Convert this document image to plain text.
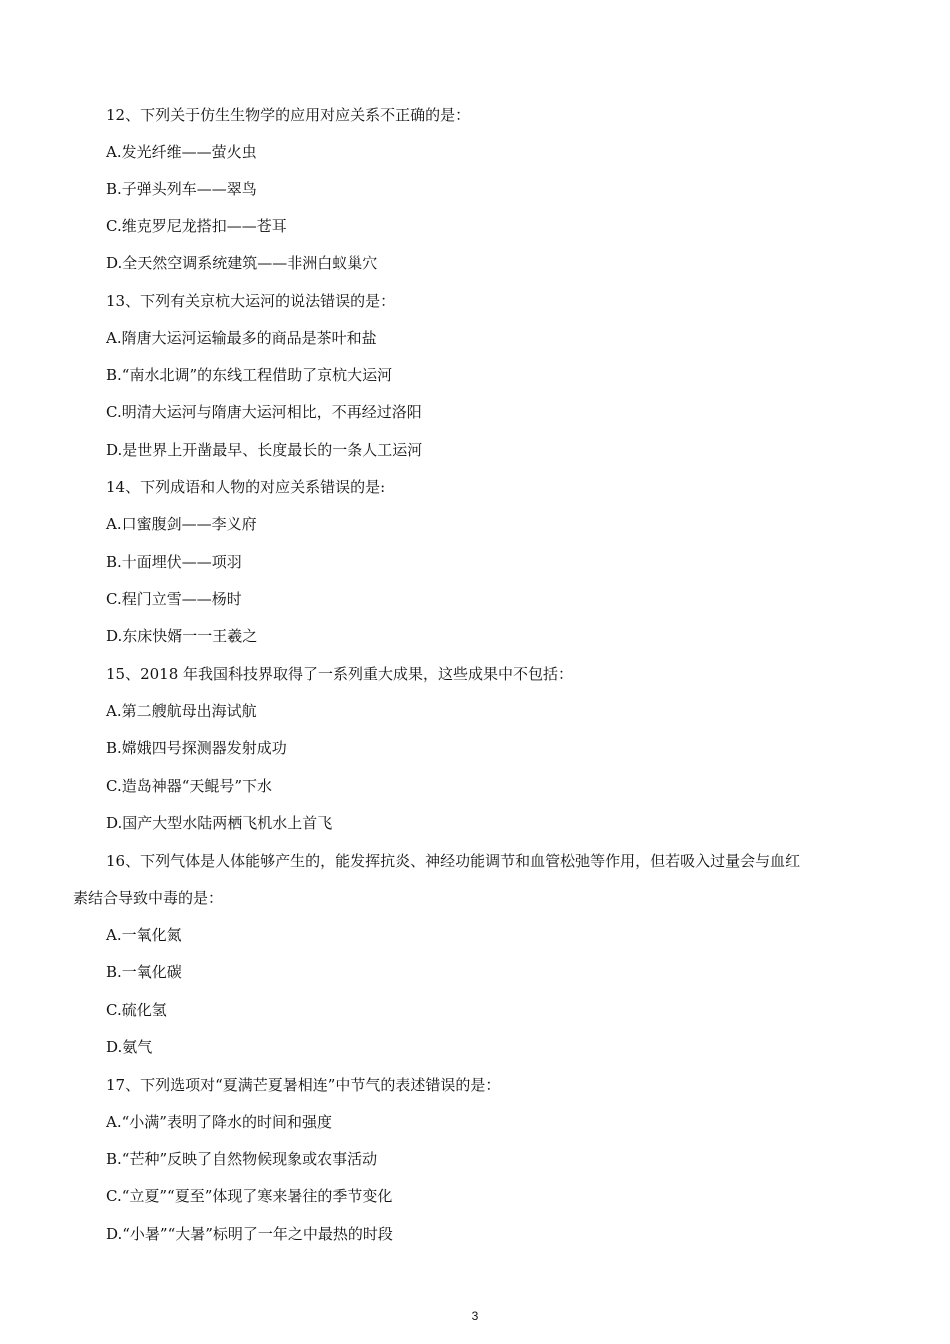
12、下列关于仿生生物学的应用对应关系不正确的是：
A.发光纤维——萤火虫
B.子弹头列车——翠鸟
C.维克罗尼龙搭扣——苍耳
D.全天然空调系统建筑——非洲白蚁巢穴
13、下列有关京杭大运河的说法错误的是：
A.隋唐大运河运输最多的商品是茶叶和盐
B.“南水北调”的东线工程借助了京杭大运河
C.明清大运河与隋唐大运河相比，不再经过洛阳
D.是世界上开凿最早、长度最长的一条人工运河
14、下列成语和人物的对应关系错误的是:
A.口蜜腹剑——李义府
B.十面埋伏——项羽
C.程门立雪——杨时
D.东床快婿一一王羲之
15、2018 年我国科技界取得了一系列重大成果，这些成果中不包括：
A.第二艘航母出海试航
B.嫦娥四号探测器发射成功
C.造岛神器“天鲲号”下水
D.国产大型水陆两栖飞机水上首飞
16、下列气体是人体能够产生的，能发挥抗炎、神经功能调节和血管松弛等作用，但若吸入过量会与血红
素结合导致中毒的是：
A.一氧化氮
B.一氧化碳
C.硫化氢
D.氨气
17、下列选项对“夏满芒夏暑相连”中节气的表述错误的是：
A.“小满”表明了降水的时间和强度
B.“芒种”反映了自然物候现象或农事活动
C.“立夏”“夏至”体现了寒来暑往的季节变化
D.“小暑”“大暑”标明了一年之中最热的时段
3
